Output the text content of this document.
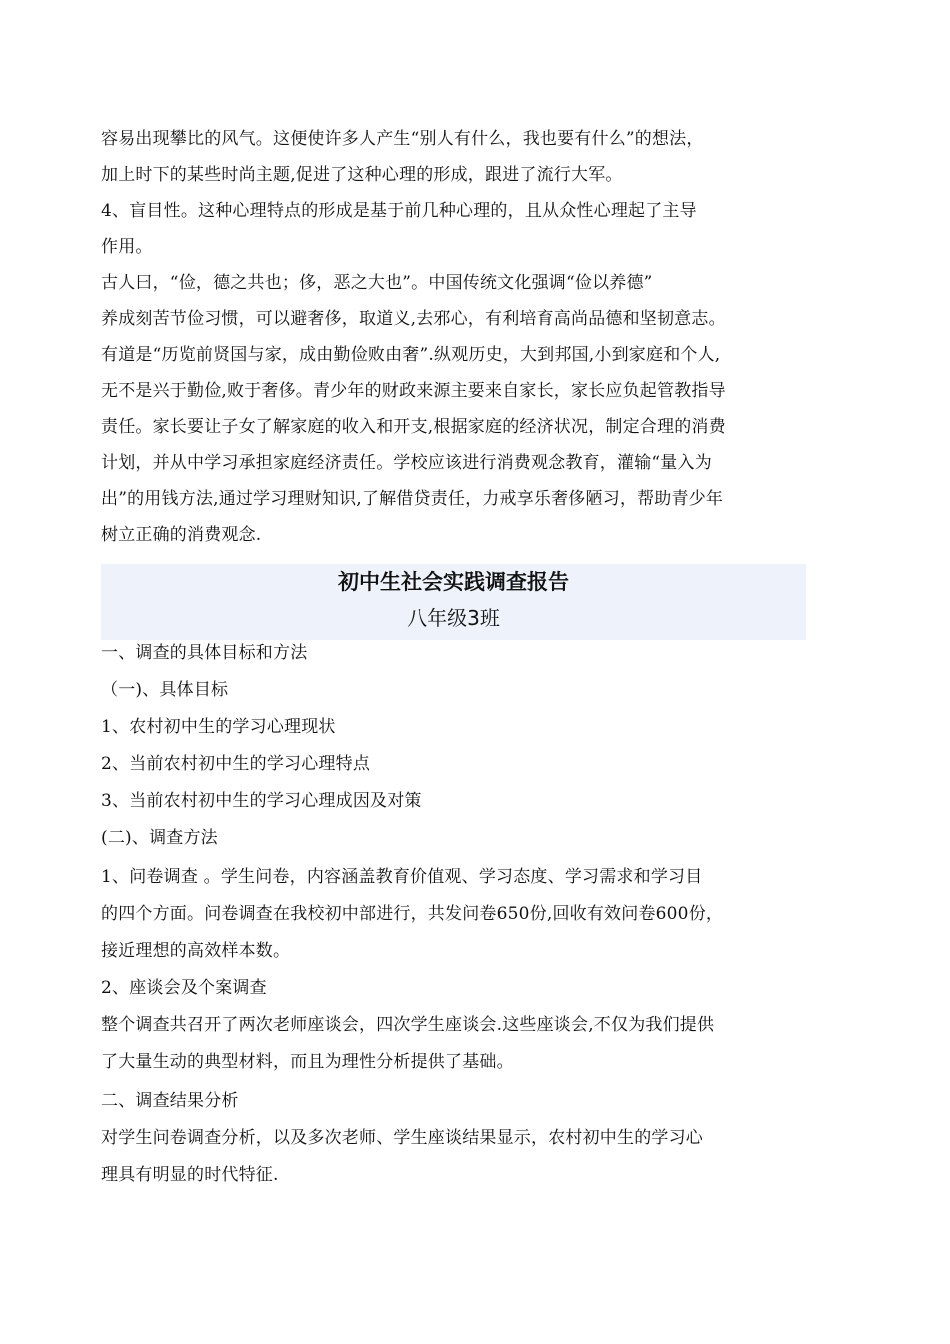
容易出现攀比的风气。这便使许多人产生“别人有什么，我也要有什么”的想法，
加上时下的某些时尚主题,促进了这种心理的形成，跟进了流行大军。
4、盲目性。这种心理特点的形成是基于前几种心理的，且从众性心理起了主导
作用。
古人曰，“俭，德之共也；侈，恶之大也”。中国传统文化强调“俭以养德”
养成刻苦节俭习惯，可以避奢侈，取道义,去邪心，有利培育高尚品德和坚韧意志。
有道是“历览前贤国与家，成由勤俭败由奢”.纵观历史，大到邦国,小到家庭和个人,
无不是兴于勤俭,败于奢侈。青少年的财政来源主要来自家长，家长应负起管教指导
责任。家长要让子女了解家庭的收入和开支,根据家庭的经济状况，制定合理的消费
计划，并从中学习承担家庭经济责任。学校应该进行消费观念教育，灌输“量入为
出”的用钱方法,通过学习理财知识,了解借贷责任，力戒享乐奢侈陋习，帮助青少年
树立正确的消费观念.
初中生社会实践调查报告
八年级3班
一、调查的具体目标和方法
（一)、具体目标
1、农村初中生的学习心理现状
2、当前农村初中生的学习心理特点
3、当前农村初中生的学习心理成因及对策
(二)、调查方法
1、问卷调查 。学生问卷，内容涵盖教育价值观、学习态度、学习需求和学习目
的四个方面。问卷调查在我校初中部进行，共发问卷650份,回收有效问卷600份，
接近理想的高效样本数。
2、座谈会及个案调查
整个调查共召开了两次老师座谈会，四次学生座谈会.这些座谈会,不仅为我们提供
了大量生动的典型材料，而且为理性分析提供了基础。
二、调查结果分析
对学生问卷调查分析，以及多次老师、学生座谈结果显示，农村初中生的学习心
理具有明显的时代特征.
